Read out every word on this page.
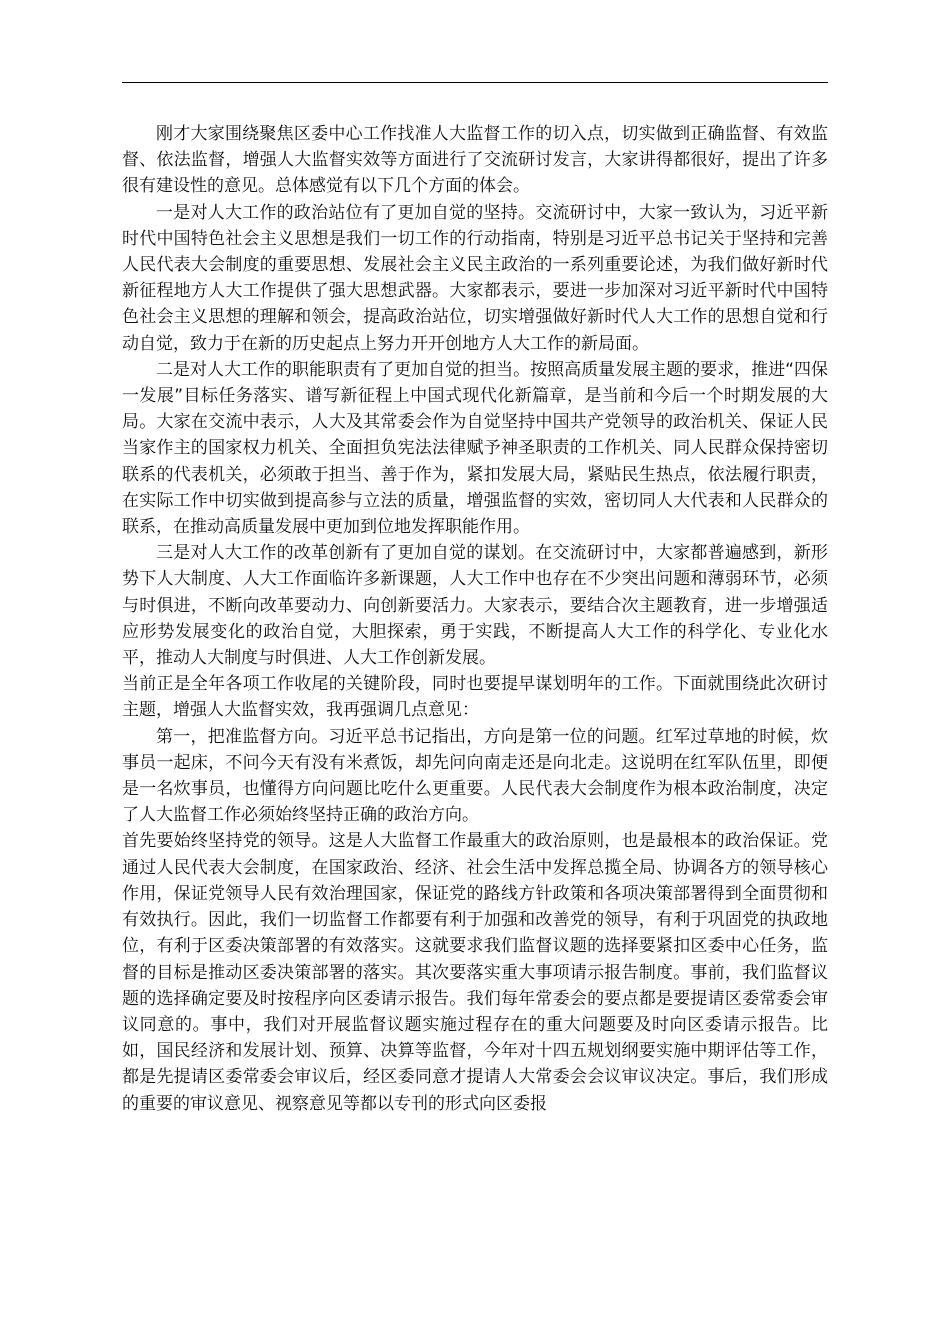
刚才大家围绕聚焦区委中心工作找准人大监督工作的切入点，切实做到正确监督、有效监督、依法监督，增强人大监督实效等方面进行了交流研讨发言，大家讲得都很好，提出了许多很有建设性的意见。总体感觉有以下几个方面的体会。

一是对人大工作的政治站位有了更加自觉的坚持。交流研讨中，大家一致认为，习近平新时代中国特色社会主义思想是我们一切工作的行动指南，特别是习近平总书记关于坚持和完善人民代表大会制度的重要思想、发展社会主义民主政治的一系列重要论述，为我们做好新时代新征程地方人大工作提供了强大思想武器。大家都表示，要进一步加深对习近平新时代中国特色社会主义思想的理解和领会，提高政治站位，切实增强做好新时代人大工作的思想自觉和行动自觉，致力于在新的历史起点上努力开开创地方人大工作的新局面。

二是对人大工作的职能职责有了更加自觉的担当。按照高质量发展主题的要求，推进“四保一发展”目标任务落实、谱写新征程上中国式现代化新篇章，是当前和今后一个时期发展的大局。大家在交流中表示，人大及其常委会作为自觉坚持中国共产党领导的政治机关、保证人民当家作主的国家权力机关、全面担负宪法法律赋予神圣职责的工作机关、同人民群众保持密切联系的代表机关，必须敢于担当、善于作为，紧扣发展大局，紧贴民生热点，依法履行职责，在实际工作中切实做到提高参与立法的质量，增强监督的实效，密切同人大代表和人民群众的联系，在推动高质量发展中更加到位地发挥职能作用。

三是对人大工作的改革创新有了更加自觉的谋划。在交流研讨中，大家都普遍感到，新形势下人大制度、人大工作面临许多新课题，人大工作中也存在不少突出问题和薄弱环节，必须与时俱进，不断向改革要动力、向创新要活力。大家表示，要结合次主题教育，进一步增强适应形势发展变化的政治自觉，大胆探索，勇于实践，不断提高人大工作的科学化、专业化水平，推动人大制度与时俱进、人大工作创新发展。

当前正是全年各项工作收尾的关键阶段，同时也要提早谋划明年的工作。下面就围绕此次研讨主题，增强人大监督实效，我再强调几点意见：

第一，把准监督方向。习近平总书记指出，方向是第一位的问题。红军过草地的时候，炊事员一起床，不问今天有没有米煮饭，却先问向南走还是向北走。这说明在红军队伍里，即便是一名炊事员，也懂得方向问题比吃什么更重要。人民代表大会制度作为根本政治制度，决定了人大监督工作必须始终坚持正确的政治方向。

首先要始终坚持党的领导。这是人大监督工作最重大的政治原则，也是最根本的政治保证。党通过人民代表大会制度，在国家政治、经济、社会生活中发挥总揽全局、协调各方的领导核心作用，保证党领导人民有效治理国家，保证党的路线方针政策和各项决策部署得到全面贯彻和有效执行。因此，我们一切监督工作都要有利于加强和改善党的领导，有利于巩固党的执政地位，有利于区委决策部署的有效落实。这就要求我们监督议题的选择要紧扣区委中心任务，监督的目标是推动区委决策部署的落实。其次要落实重大事项请示报告制度。事前，我们监督议题的选择确定要及时按程序向区委请示报告。我们每年常委会的要点都是要提请区委常委会审议同意的。事中，我们对开展监督议题实施过程存在的重大问题要及时向区委请示报告。比如，国民经济和发展计划、预算、决算等监督，今年对十四五规划纲要实施中期评估等工作，都是先提请区委常委会审议后，经区委同意才提请人大常委会会议审议决定。事后，我们形成的重要的审议意见、视察意见等都以专刊的形式向区委报
